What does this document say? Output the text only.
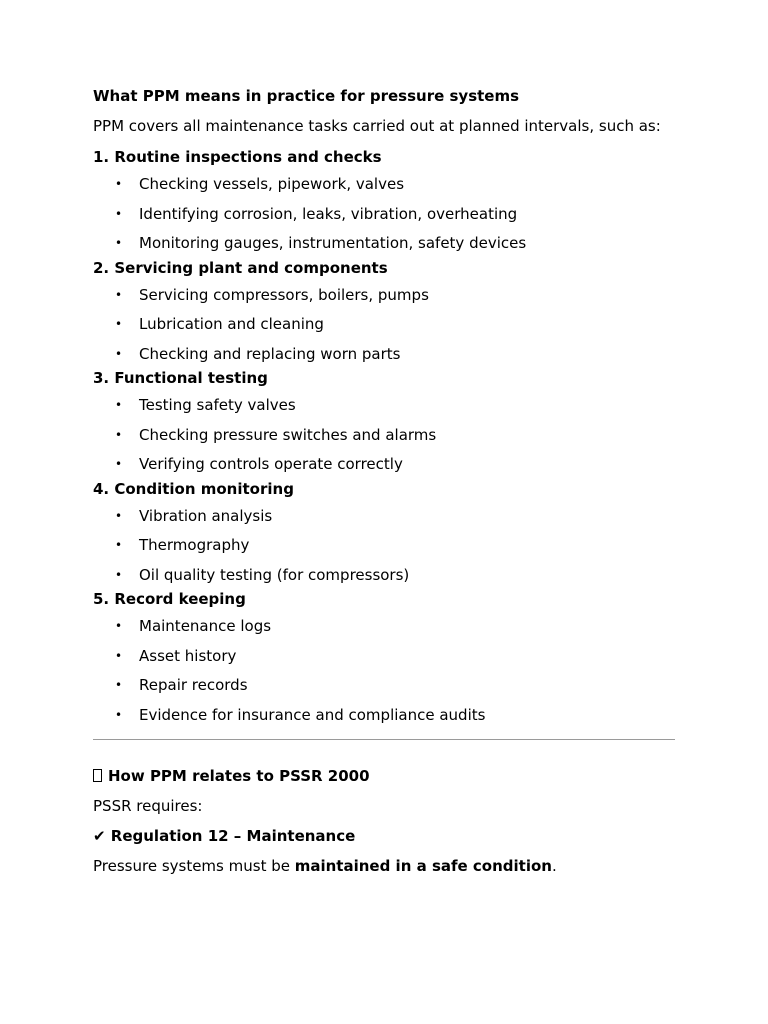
What PPM means in practice for pressure systems

PPM covers all maintenance tasks carried out at planned intervals, such as:

1. Routine inspections and checks

• Checking vessels, pipework, valves
• Identifying corrosion, leaks, vibration, overheating
• Monitoring gauges, instrumentation, safety devices

2. Servicing plant and components

• Servicing compressors, boilers, pumps
• Lubrication and cleaning
• Checking and replacing worn parts

3. Functional testing

• Testing safety valves
• Checking pressure switches and alarms
• Verifying controls operate correctly

4. Condition monitoring

• Vibration analysis
• Thermography
• Oil quality testing (for compressors)

5. Record keeping

• Maintenance logs
• Asset history
• Repair records
• Evidence for insurance and compliance audits

How PPM relates to PSSR 2000

PSSR requires:

✔ Regulation 12 – Maintenance

Pressure systems must be maintained in a safe condition.
